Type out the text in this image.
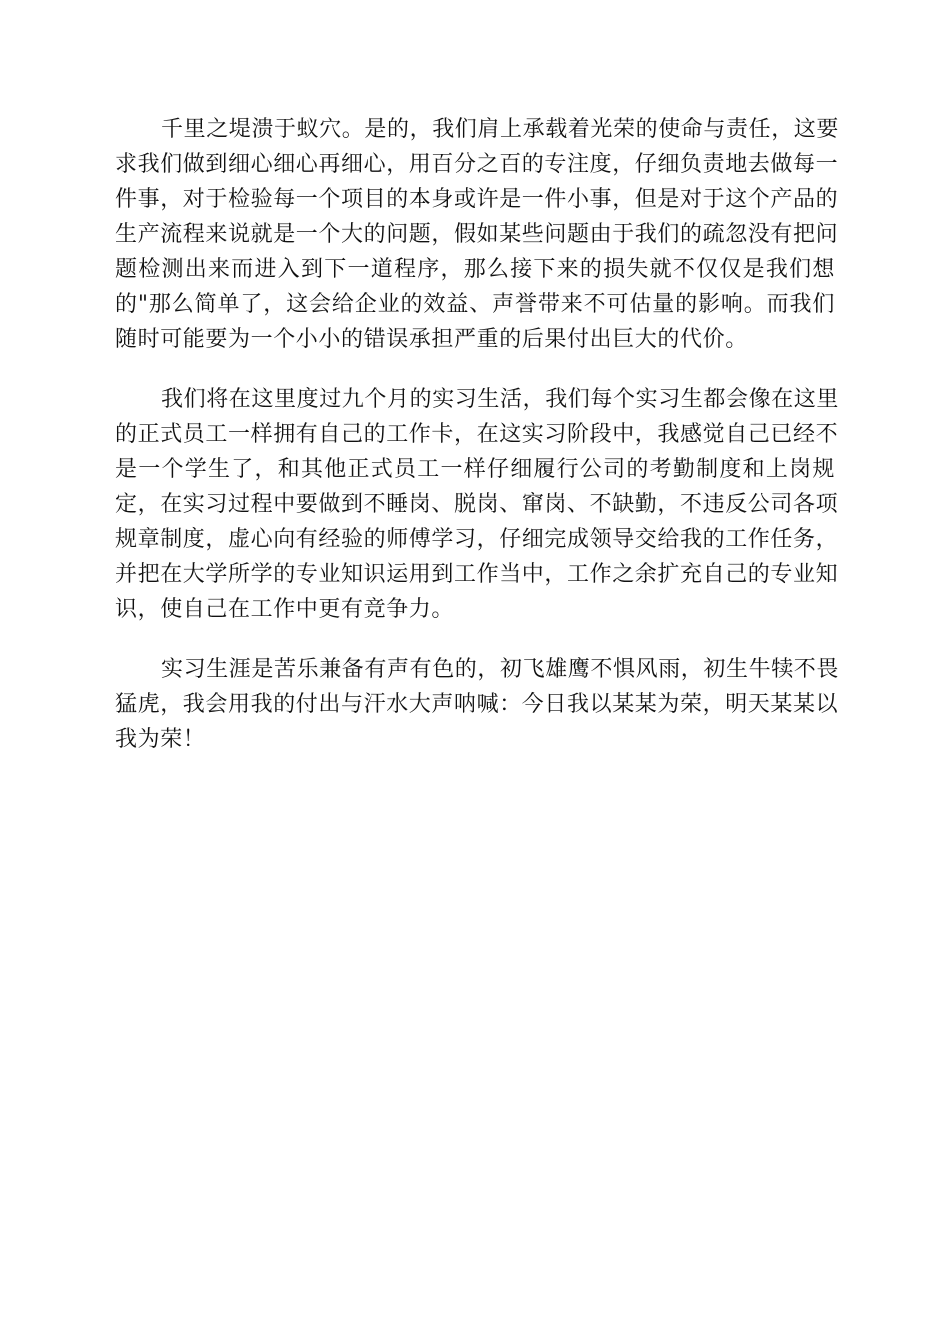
千里之堤溃于蚁穴。是的，我们肩上承载着光荣的使命与责任，这要
求我们做到细心细心再细心，用百分之百的专注度，仔细负责地去做每一
件事，对于检验每一个项目的本身或许是一件小事，但是对于这个产品的
生产流程来说就是一个大的问题，假如某些问题由于我们的疏忽没有把问
题检测出来而进入到下一道程序，那么接下来的损失就不仅仅是我们想
的"那么简单了，这会给企业的效益、声誉带来不可估量的影响。而我们
随时可能要为一个小小的错误承担严重的后果付出巨大的代价。

我们将在这里度过九个月的实习生活，我们每个实习生都会像在这里
的正式员工一样拥有自己的工作卡，在这实习阶段中，我感觉自己已经不
是一个学生了，和其他正式员工一样仔细履行公司的考勤制度和上岗规
定，在实习过程中要做到不睡岗、脱岗、窜岗、不缺勤，不违反公司各项
规章制度，虚心向有经验的师傅学习，仔细完成领导交给我的工作任务，
并把在大学所学的专业知识运用到工作当中，工作之余扩充自己的专业知
识，使自己在工作中更有竞争力。

实习生涯是苦乐兼备有声有色的，初飞雄鹰不惧风雨，初生牛犊不畏
猛虎，我会用我的付出与汗水大声呐喊：今日我以某某为荣，明天某某以
我为荣！
